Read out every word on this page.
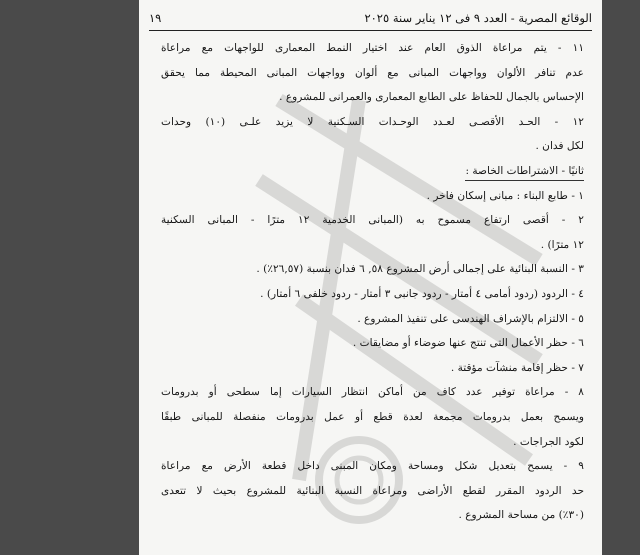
الوقائع المصرية - العدد ٩ فى ١٢ يناير سنة ٢٠٢٥
١٩
١١ - يتم مراعاة الذوق العام عند اختيار النمط المعمارى للواجهات مع مراعاة
عدم تنافر الألوان وواجهات المبانى مع ألوان وواجهات المبانى المحيطة مما يحقق
الإحساس بالجمال للحفاظ على الطابع المعمارى والعمرانى للمشروع .
١٢ - الحـد الأقصـى لعـدد الوحـدات السـكنية لا يزيد علـى (١٠) وحدات
لكل فدان .
ثانيًا - الاشتراطات الخاصة :
١ - طابع البناء : مبانى إسكان فاخر .
٢ - أقصى ارتفاع مسموح به (المبانى الخدمية ١٢ مترًا - المبانى السكنية
١٢ مترًا) .
٣ - النسبة البنائية على إجمالى أرض المشروع ٥٨, ٦ فدان بنسبة (٢٦,٥٧٪) .
٤ - الردود (ردود أمامى ٤ أمتار - ردود جانبى ٣ أمتار - ردود خلفى ٦ أمتار) .
٥ - الالتزام بالإشراف الهندسى على تنفيذ المشروع .
٦ - حظر الأعمال التى تنتج عنها ضوضاء أو مضايقات .
٧ - حظر إقامة منشآت مؤقتة .
٨ - مراعاة توفير عدد كاف من أماكن انتظار السيارات إما سطحى أو بدرومات
ويسمح بعمل بدرومات مجمعة لعدة قطع أو عمل بدرومات منفصلة للمبانى طبقًا
لكود الجراجات .
٩ - يسمح بتعديل شكل ومساحة ومكان المبنى داخل قطعة الأرض مع مراعاة
حد الردود المقرر لقطع الأراضى ومراعاة النسبة البنائية للمشروع بحيث لا تتعدى
(٣٠٪) من مساحة المشروع .
